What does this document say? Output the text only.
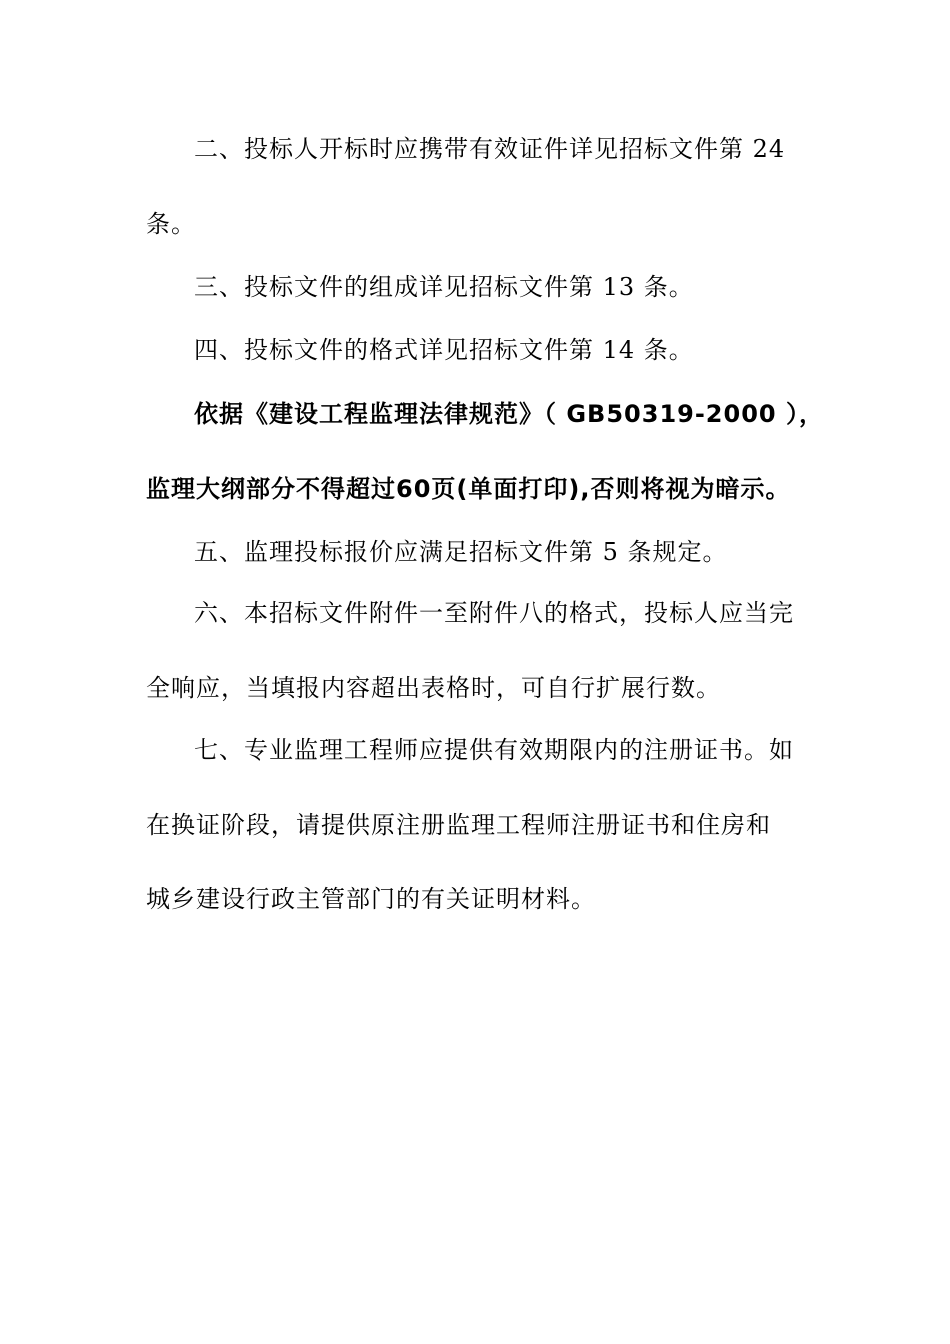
二、投标人开标时应携带有效证件详见招标文件第 24
条。
三、投标文件的组成详见招标文件第 13 条。
四、投标文件的格式详见招标文件第 14 条。
依据《建设工程监理法律规范》（ GB50319-2000 ），
监理大纲部分不得超过60页(单面打印),否则将视为暗示。
五、监理投标报价应满足招标文件第 5 条规定。
六、本招标文件附件一至附件八的格式，投标人应当完
全响应，当填报内容超出表格时，可自行扩展行数。
七、专业监理工程师应提供有效期限内的注册证书。如
在换证阶段，请提供原注册监理工程师注册证书和住房和
城乡建设行政主管部门的有关证明材料。
